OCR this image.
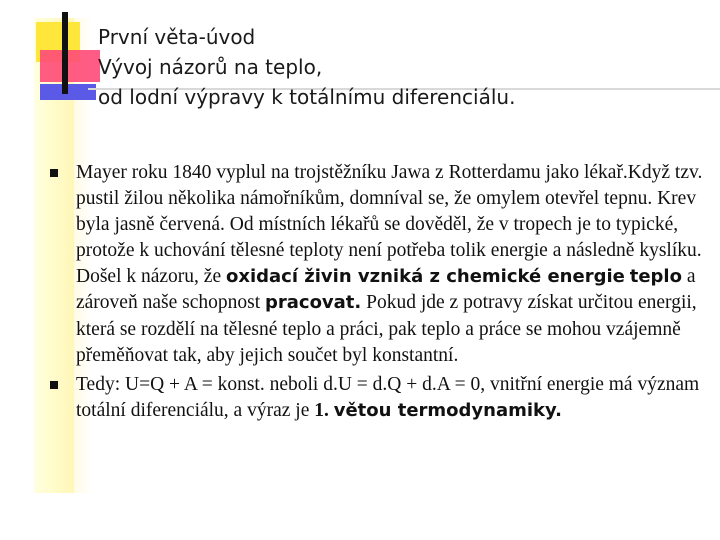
První věta-úvod
Vývoj názorů na teplo,
od lodní výpravy k totálnímu diferenciálu.
Mayer roku 1840 vyplul na trojstěžníku Jawa z Rotterdamu jako lékař.Když tzv. pustil žilou několika námořníkům, domníval se, že omylem otevřel tepnu. Krev byla jasně červená. Od místních lékařů se dověděl, že v tropech je to typické, protože k uchování tělesné teploty není potřeba tolik energie a následně kyslíku. Došel k názoru, že oxidací živin vzniká z chemické energie teplo a zároveň naše schopnost pracovat. Pokud jde z potravy získat určitou energii, která se rozdělí na tělesné teplo a práci, pak teplo a práce se mohou vzájemně přeměňovat tak, aby jejich součet byl konstantní.
Tedy: U=Q + A = konst. neboli d.U = d.Q + d.A = 0, vnitřní energie má význam totální diferenciálu, a výraz je 1. větou termodynamiky.
